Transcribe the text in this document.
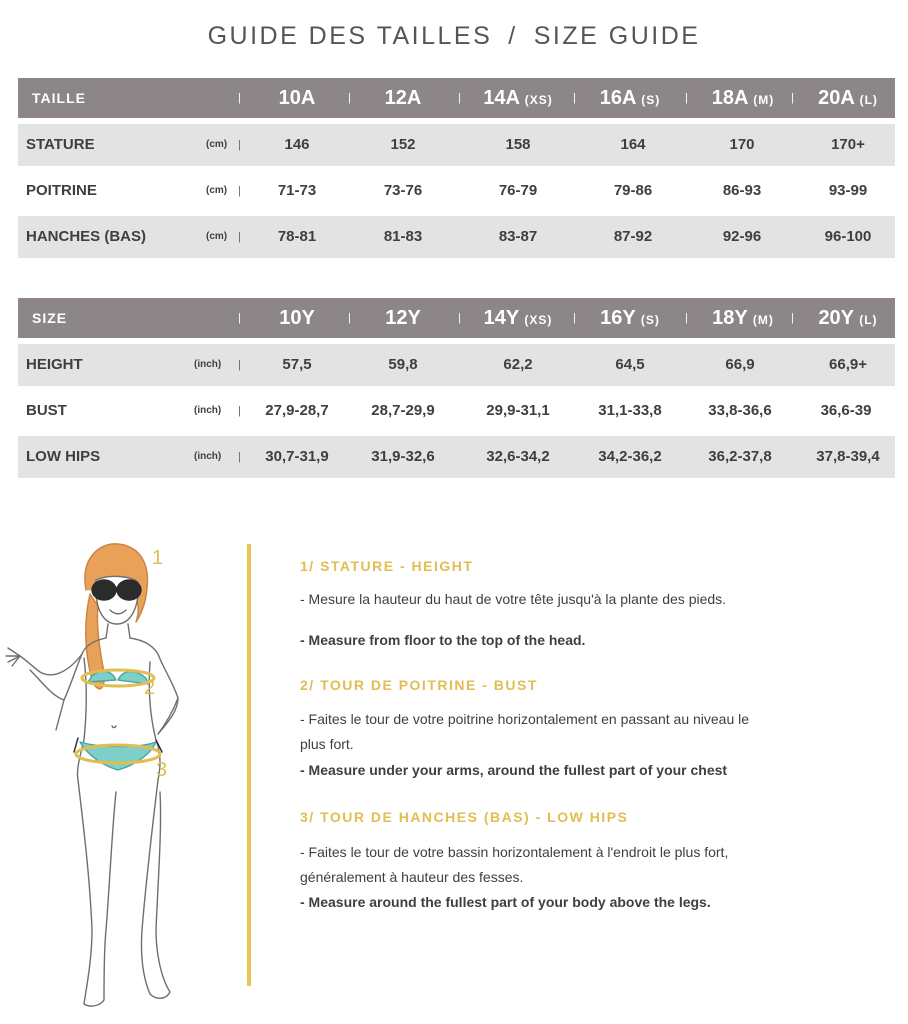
GUIDE DES TAILLES / SIZE GUIDE
TAILLE	|	10A	|	12A	|	14A (XS)	|	16A (S)	|	18A (M)	|	20A (L)
STATURE	(cm) |	146	152	158	164	170	170+
POITRINE	(cm) |	71-73	73-76	76-79	79-86	86-93	93-99
HANCHES (BAS)	(cm) |	78-81	81-83	83-87	87-92	92-96	96-100
SIZE	|	10Y	|	12Y	|	14Y (XS)	|	16Y (S)	|	18Y (M)	|	20Y (L)
HEIGHT	(inch) |	57,5	59,8	62,2	64,5	66,9	66,9+
BUST	(inch) |	27,9-28,7	28,7-29,9	29,9-31,1	31,1-33,8	33,8-36,6	36,6-39
LOW HIPS	(inch) |	30,7-31,9	31,9-32,6	32,6-34,2	34,2-36,2	36,2-37,8	37,8-39,4
1
2
3
1/ STATURE - HEIGHT
- Mesure la hauteur du haut de votre tête jusqu'à la plante des pieds.
- Measure from floor to the top of the head.
2/ TOUR DE POITRINE - BUST
- Faites le tour de votre poitrine horizontalement en passant au niveau le plus fort.
- Measure under your arms, around the fullest part of your chest
3/ TOUR DE HANCHES (BAS) - LOW HIPS
- Faites le tour de votre bassin horizontalement à l'endroit le plus fort, généralement à hauteur des fesses.
- Measure around the fullest part of your body above the legs.
